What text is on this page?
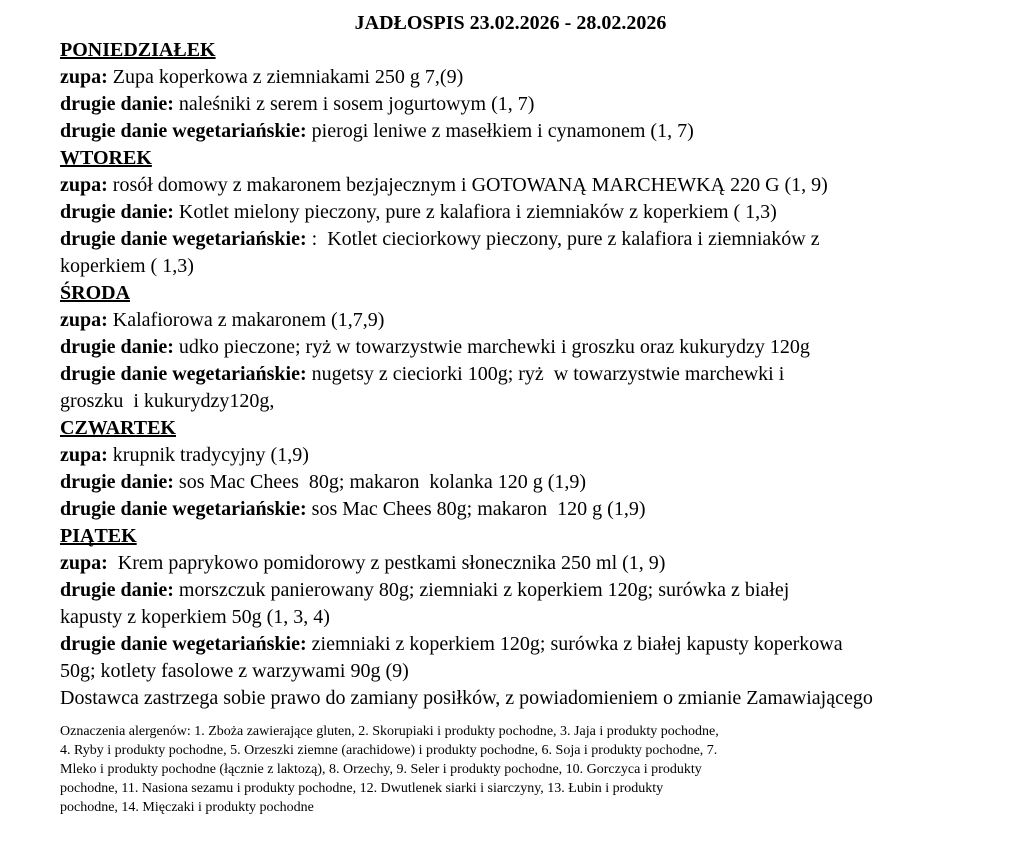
JADŁOSPIS 23.02.2026 - 28.02.2026
PONIEDZIAŁEK
zupa: Zupa koperkowa z ziemniakami 250 g 7,(9)
drugie danie: naleśniki z serem i sosem jogurtowym (1, 7)
drugie danie wegetariańskie: pierogi leniwe z masełkiem i cynamonem (1, 7)
WTOREK
zupa: rosół domowy z makaronem bezjajecznym i GOTOWANĄ MARCHEWKĄ 220 G (1, 9)
drugie danie: Kotlet mielony pieczony, pure z kalafiora i ziemniaków z koperkiem ( 1,3)
drugie danie wegetariańskie: :  Kotlet cieciorkowy pieczony, pure z kalafiora i ziemniaków z
koperkiem ( 1,3)
ŚRODA
zupa: Kalafiorowa z makaronem (1,7,9)
drugie danie: udko pieczone; ryż w towarzystwie marchewki i groszku oraz kukurydzy 120g
drugie danie wegetariańskie: nugetsy z cieciorki 100g; ryż  w towarzystwie marchewki i
groszku  i kukurydzy120g,
CZWARTEK
zupa: krupnik tradycyjny (1,9)
drugie danie: sos Mac Chees  80g; makaron  kolanka 120 g (1,9)
drugie danie wegetariańskie: sos Mac Chees 80g; makaron  120 g (1,9)
PIĄTEK
zupa:  Krem paprykowo pomidorowy z pestkami słonecznika 250 ml (1, 9)
drugie danie: morszczuk panierowany 80g; ziemniaki z koperkiem 120g; surówka z białej
kapusty z koperkiem 50g (1, 3, 4)
drugie danie wegetariańskie: ziemniaki z koperkiem 120g; surówka z białej kapusty koperkowa
50g; kotlety fasolowe z warzywami 90g (9)
Dostawca zastrzega sobie prawo do zamiany posiłków, z powiadomieniem o zmianie Zamawiającego
Oznaczenia alergenów: 1. Zboża zawierające gluten, 2. Skorupiaki i produkty pochodne, 3. Jaja i produkty pochodne,
4. Ryby i produkty pochodne, 5. Orzeszki ziemne (arachidowe) i produkty pochodne, 6. Soja i produkty pochodne, 7.
Mleko i produkty pochodne (łącznie z laktozą), 8. Orzechy, 9. Seler i produkty pochodne, 10. Gorczyca i produkty
pochodne, 11. Nasiona sezamu i produkty pochodne, 12. Dwutlenek siarki i siarczyny, 13. Łubin i produkty
pochodne, 14. Mięczaki i produkty pochodne
